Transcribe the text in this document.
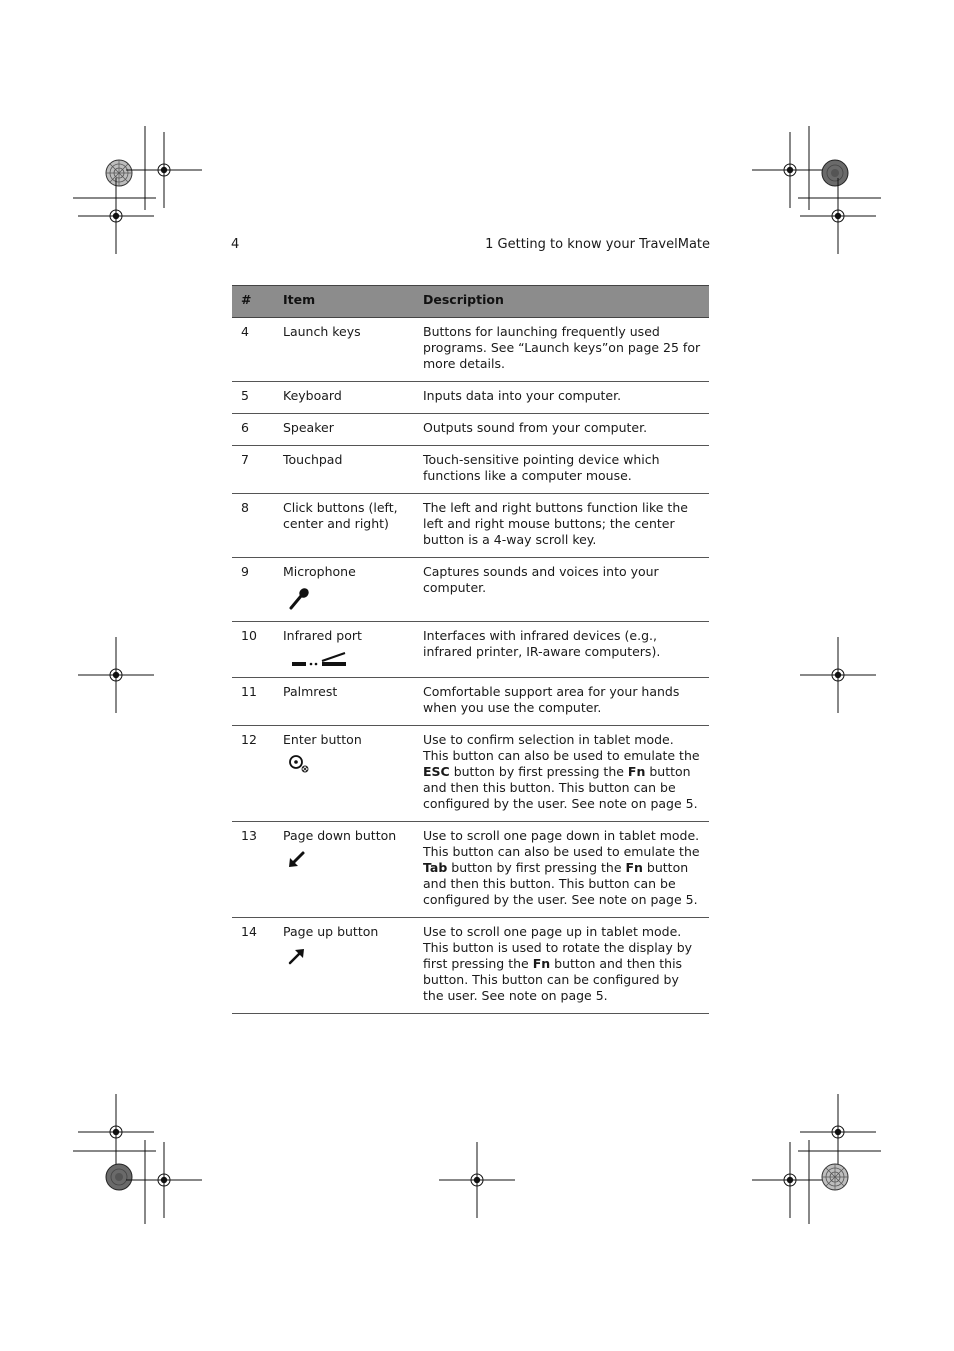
4	1 Getting to know your TravelMate
#	Item	Description
4	Launch keys	Buttons for launching frequently used programs. See “Launch keys”on page 25 for more details.
5	Keyboard	Inputs data into your computer.
6	Speaker	Outputs sound from your computer.
7	Touchpad	Touch-sensitive pointing device which functions like a computer mouse.
8	Click buttons (left, center and right)	The left and right buttons function like the left and right mouse buttons; the center button is a 4-way scroll key.
9	Microphone	Captures sounds and voices into your computer.
10	Infrared port	Interfaces with infrared devices (e.g., infrared printer, IR-aware computers).
11	Palmrest	Comfortable support area for your hands when you use the computer.
12	Enter button	Use to confirm selection in tablet mode. This button can also be used to emulate the ESC button by first pressing the Fn button and then this button. This button can be configured by the user. See note on page 5.
13	Page down button	Use to scroll one page down in tablet mode. This button can also be used to emulate the Tab button by first pressing the Fn button and then this button. This button can be configured by the user. See note on page 5.
14	Page up button	Use to scroll one page up in tablet mode. This button is used to rotate the display by first pressing the Fn button and then this button. This button can be configured by the user. See note on page 5.
